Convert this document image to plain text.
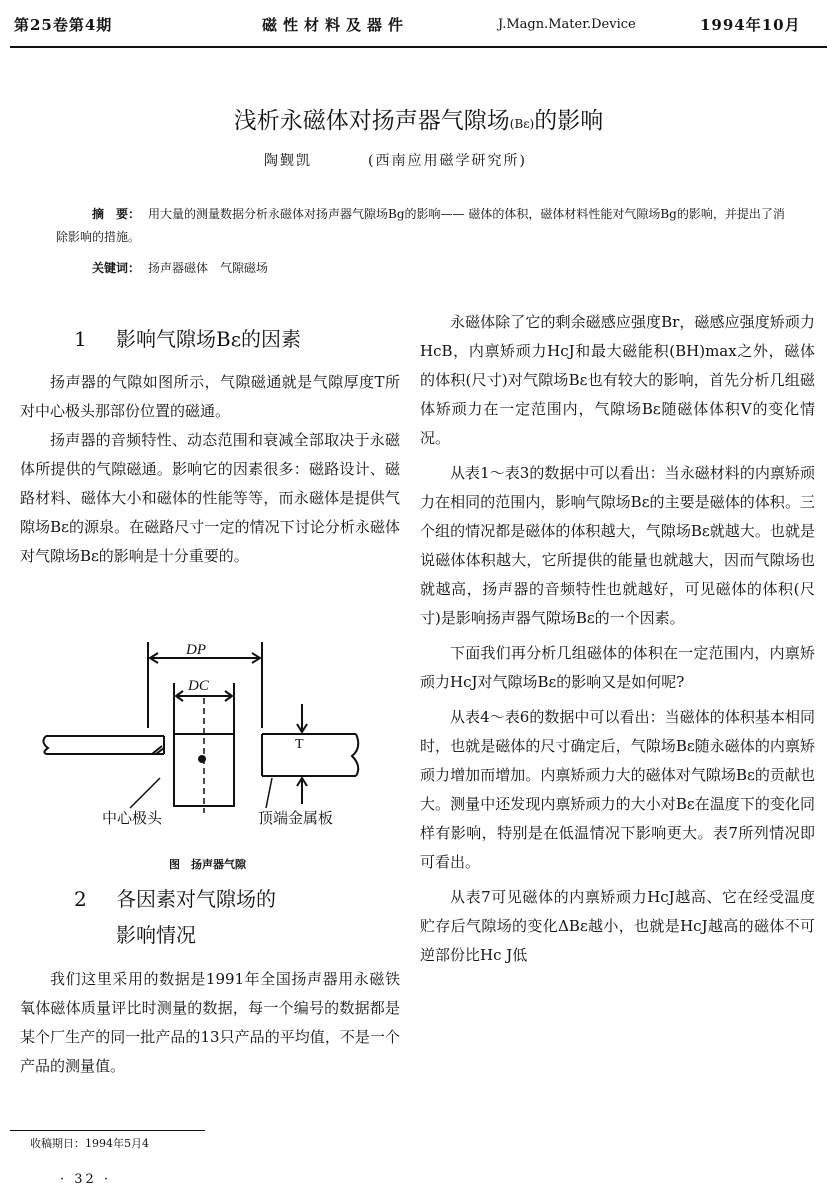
第25卷第4期	磁性材料及器件	J.Magn.Mater.Device	1994年10月
浅析永磁体对扬声器气隙场(Bε)的影响
陶觐凯	(西南应用磁学研究所)
摘　要： 用大量的测量数据分析永磁体对扬声器气隙场Bg的影响—— 磁体的体积，磁体材料性能对气隙场Bg的影响，并提出了消除影响的措施。
关键词： 扬声器磁体　气隙磁场
1 影响气隙场Bε的因素

扬声器的气隙如图所示，气隙磁通就是气隙厚度T所对中心极头那部份位置的磁通。

扬声器的音频特性、动态范围和衰减全部取决于永磁体所提供的气隙磁通。影响它的因素很多：磁路设计、磁路材料、磁体大小和磁体的性能等等，而永磁体是提供气隙场Bε的源泉。在磁路尺寸一定的情况下讨论分析永磁体对气隙场Bε的影响是十分重要的。

DP
DC
T
中心极头	顶端金属板
图　扬声器气隙
2 各因素对气隙场的
影响情况

我们这里采用的数据是1991年全国扬声器用永磁铁氧体磁体质量评比时测量的数据，每一个编号的数据都是某个厂生产的同一批产品的13只产品的平均值，不是一个产品的测量值。

收稿期日：1994年5月4
· 32 ·

永磁体除了它的剩余磁感应强度Br，磁感应强度矫顽力HcB，内禀矫顽力HcJ和最大磁能积(BH)max之外，磁体的体积(尺寸)对气隙场Bε也有较大的影响，首先分析几组磁体矫顽力在一定范围内，气隙场Bε随磁体体积V的变化情况。

从表1～表3的数据中可以看出：当永磁材料的内禀矫顽力在相同的范围内，影响气隙场Bε的主要是磁体的体积。三个组的情况都是磁体的体积越大，气隙场Bε就越大。也就是说磁体体积越大，它所提供的能量也就越大，因而气隙场也就越高，扬声器的音频特性也就越好，可见磁体的体积(尺寸)是影响扬声器气隙场Bε的一个因素。

下面我们再分析几组磁体的体积在一定范围内，内禀矫顽力HcJ对气隙场Bε的影响又是如何呢?

从表4～表6的数据中可以看出：当磁体的体积基本相同时，也就是磁体的尺寸确定后，气隙场Bε随永磁体的内禀矫顽力增加而增加。内禀矫顽力大的磁体对气隙场Bε的贡献也大。测量中还发现内禀矫顽力的大小对Bε在温度下的变化同样有影响，特别是在低温情况下影响更大。表7所列情况即可看出。

从表7可见磁体的内禀矫顽力HcJ越高、它在经受温度贮存后气隙场的变化ΔBε越小，也就是HcJ越高的磁体不可逆部份比Hc J低
